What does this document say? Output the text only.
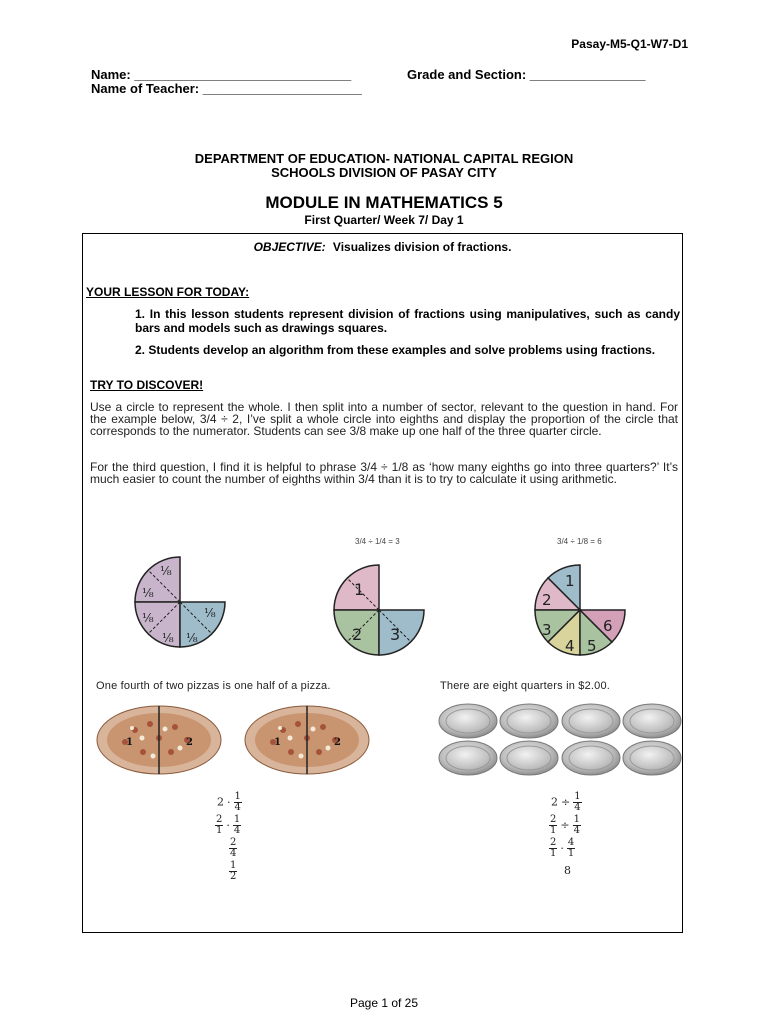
Pasay-M5-Q1-W7-D1
Name: ______________________________	Grade and Section: ________________
Name of Teacher: ______________________
DEPARTMENT OF EDUCATION- NATIONAL CAPITAL REGION
SCHOOLS DIVISION OF PASAY CITY
MODULE IN MATHEMATICS 5
First Quarter/ Week 7/ Day 1
OBJECTIVE: Visualizes division of fractions.
YOUR LESSON FOR TODAY:
1. In this lesson students represent division of fractions using manipulatives, such as candy bars and models such as drawings squares.
2. Students develop an algorithm from these examples and solve problems using fractions.
TRY TO DISCOVER!
Use a circle to represent the whole. I then split into a number of sector, relevant to the question in hand. For the example below, 3/4 ÷ 2, I’ve split a whole circle into eighths and display the proportion of the circle that corresponds to the numerator. Students can see 3/8 make up one half of the three quarter circle.
For the third question, I find it is helpful to phrase 3/4 ÷ 1/8 as ‘how many eighths go into three quarters?’ It’s much easier to count the number of eighths within 3/4 than it is to try to calculate it using arithmetic.
3/4 ÷ 1/4 = 3	3/4 ÷ 1/8 = 6
⅛
⅛
⅛
⅛ ⅛
⅛
1
2 3
1
2
3
4 5
6
One fourth of two pizzas is one half of a pizza.	There are eight quarters in $2.00.
1	2	1	2
$2 \cdot \frac{1}{4}$
$\frac{2}{1} \cdot \frac{1}{4}$
$\frac{2}{4}$
$\frac{1}{2}$
$2 \div \frac{1}{4}$
$\frac{2}{1} \div \frac{1}{4}$
$\frac{2}{1} \cdot \frac{4}{1}$
8
Page 1 of 25
